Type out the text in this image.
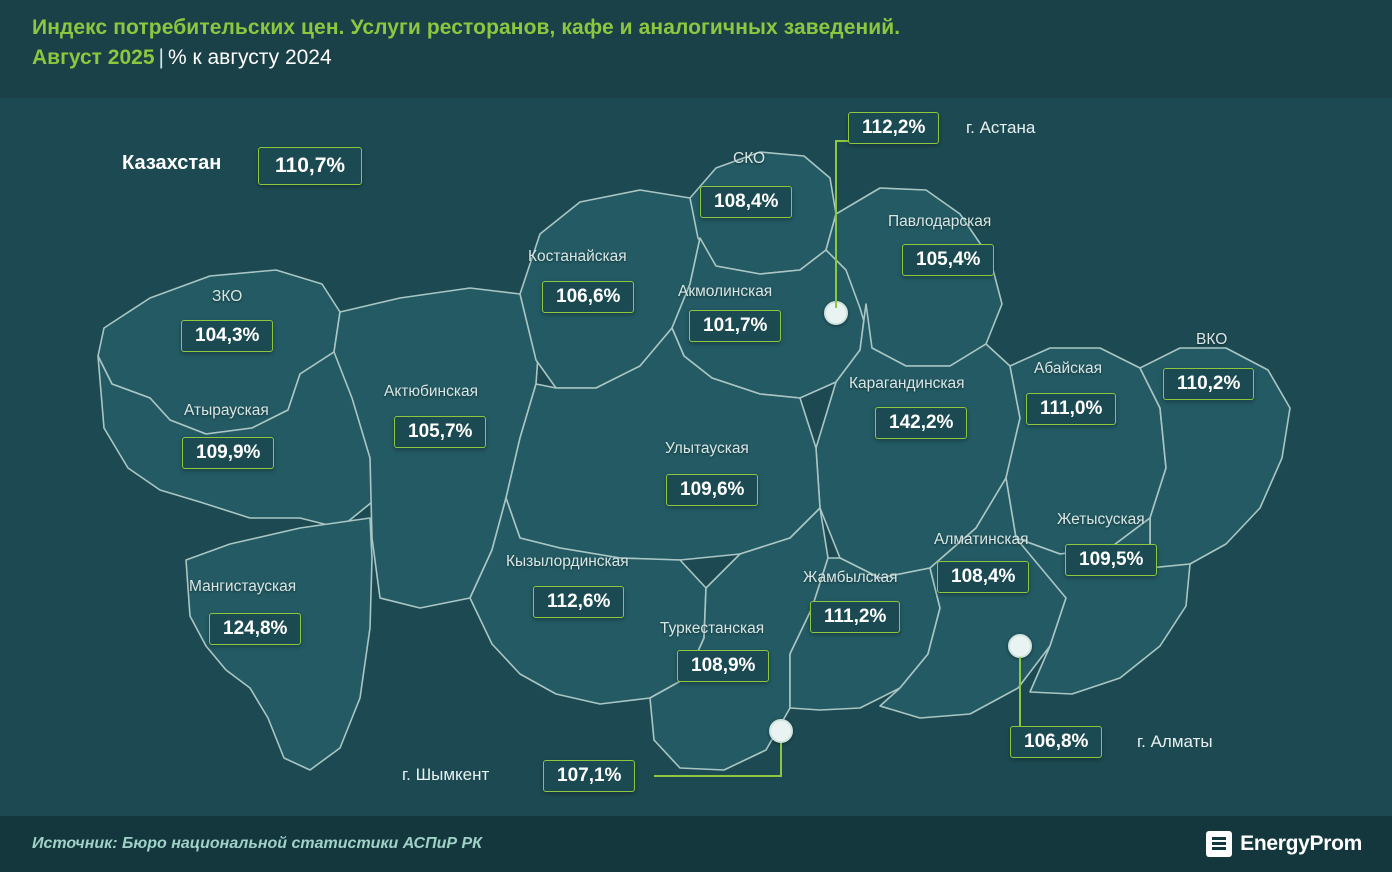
Индекс потребительских цен. Услуги ресторанов, кафе и аналогичных заведений.
Август 2025 | % к августу 2024
Казахстан	110,7%	СКО
108,4%
Костанайская
106,6%	Акмолинская
101,7%
Павлодарская
105,4%
ЗКО
104,3%
Атырауская
109,9%
Актюбинская
105,7%
Карагандинская
142,2%
Абайская
111,0%
ВКО
110,2%
Улытауская
109,6%
Мангистауская
124,8%
Кызылординская
112,6%
Туркестанская
108,9%
Жамбылская
111,2%
Алматинская
108,4%
Жетысуская
109,5%
112,2%	г. Астана
106,8%	г. Алматы
107,1%
г. Шымкент
Источник: Бюро национальной статистики АСПиР РК	EnergyProm
